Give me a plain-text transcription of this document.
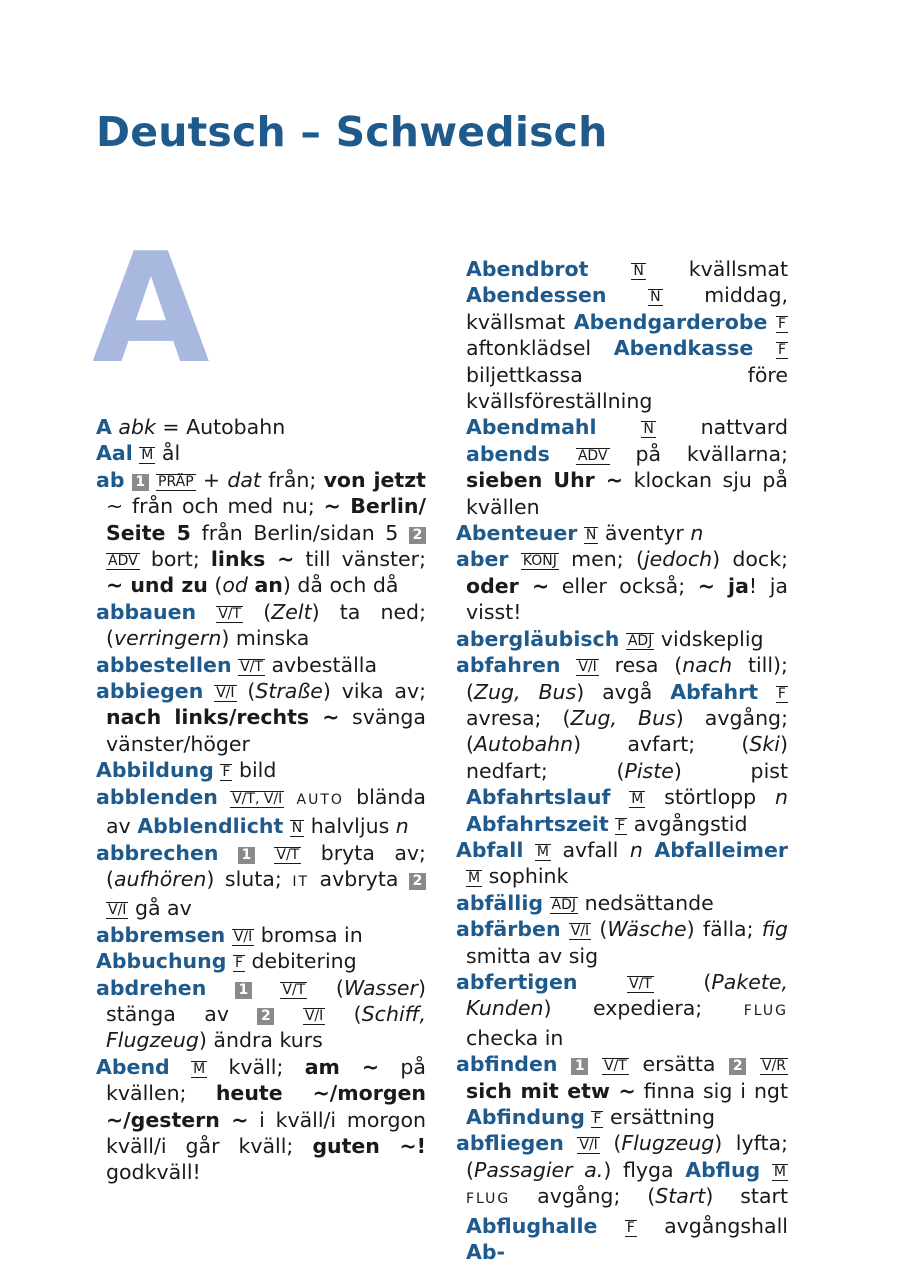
Deutsch – Schwedisch
A

A abk = Autobahn

Aal M ål

ab 1 PRÄP + dat från; von jetzt ~ från och med nu; ~ Berlin/ Seite 5 från Berlin/sidan 5 2 ADV bort; links ~ till vänster; ~ und zu (od an) då och då

abbauen V/T (Zelt) ta ned; (verringern) minska

abbestellen V/T avbeställa

abbiegen V/I (Straße) vika av; nach links/rechts ~ svänga vänster/höger

Abbildung F bild

abblenden V/T, V/I AUTO blända av Abblendlicht N halvljus n

abbrechen 1 V/T bryta av; (aufhören) sluta; IT avbryta 2 V/I gå av

abbremsen V/I bromsa in

Abbuchung F debitering

abdrehen 1 V/T (Wasser) stänga av 2 V/I (Schiff, Flugzeug) ändra kurs

Abend M kväll; am ~ på kvällen; heute ~/morgen ~/gestern ~ i kväll/i morgon kväll/i går kväll; guten ~! godkväll!

Abendbrot	N kvällsmat Abendessen	N middag, kvällsmat Abendgarderobe F aftonklädsel Abendkasse F biljettkassa före kvällsföreställning Abendmahl	N nattvard abends ADV på kvällarna; sieben Uhr ~ klockan sju på kvällen

Abenteuer N äventyr n

aber KONJ men; (jedoch) dock; oder ~ eller också; ~ ja! ja visst!

abergläubisch ADJ vidskeplig

abfahren V/I resa (nach till); (Zug, Bus) avgå Abfahrt F avresa; (Zug, Bus) avgång; (Autobahn) avfart; (Ski) nedfart; (Piste) pist Abfahrtslauf M störtlopp n Abfahrtszeit F avgångstid

Abfall M avfall n Abfalleimer M sophink

abfällig ADJ nedsättande

abfärben V/I (Wäsche) fälla; fig smitta av sig

abfertigen	V/T	(Pakete, Kunden) expediera;	FLUG checka in

abfinden 1 V/T ersätta 2 V/R sich mit etw ~ finna sig i ngt Abfindung F ersättning

abfliegen V/I (Flugzeug) lyfta; (Passagier a.) flyga Abflug M FLUG avgång; (Start) start Abflughalle F avgångshall Ab-
